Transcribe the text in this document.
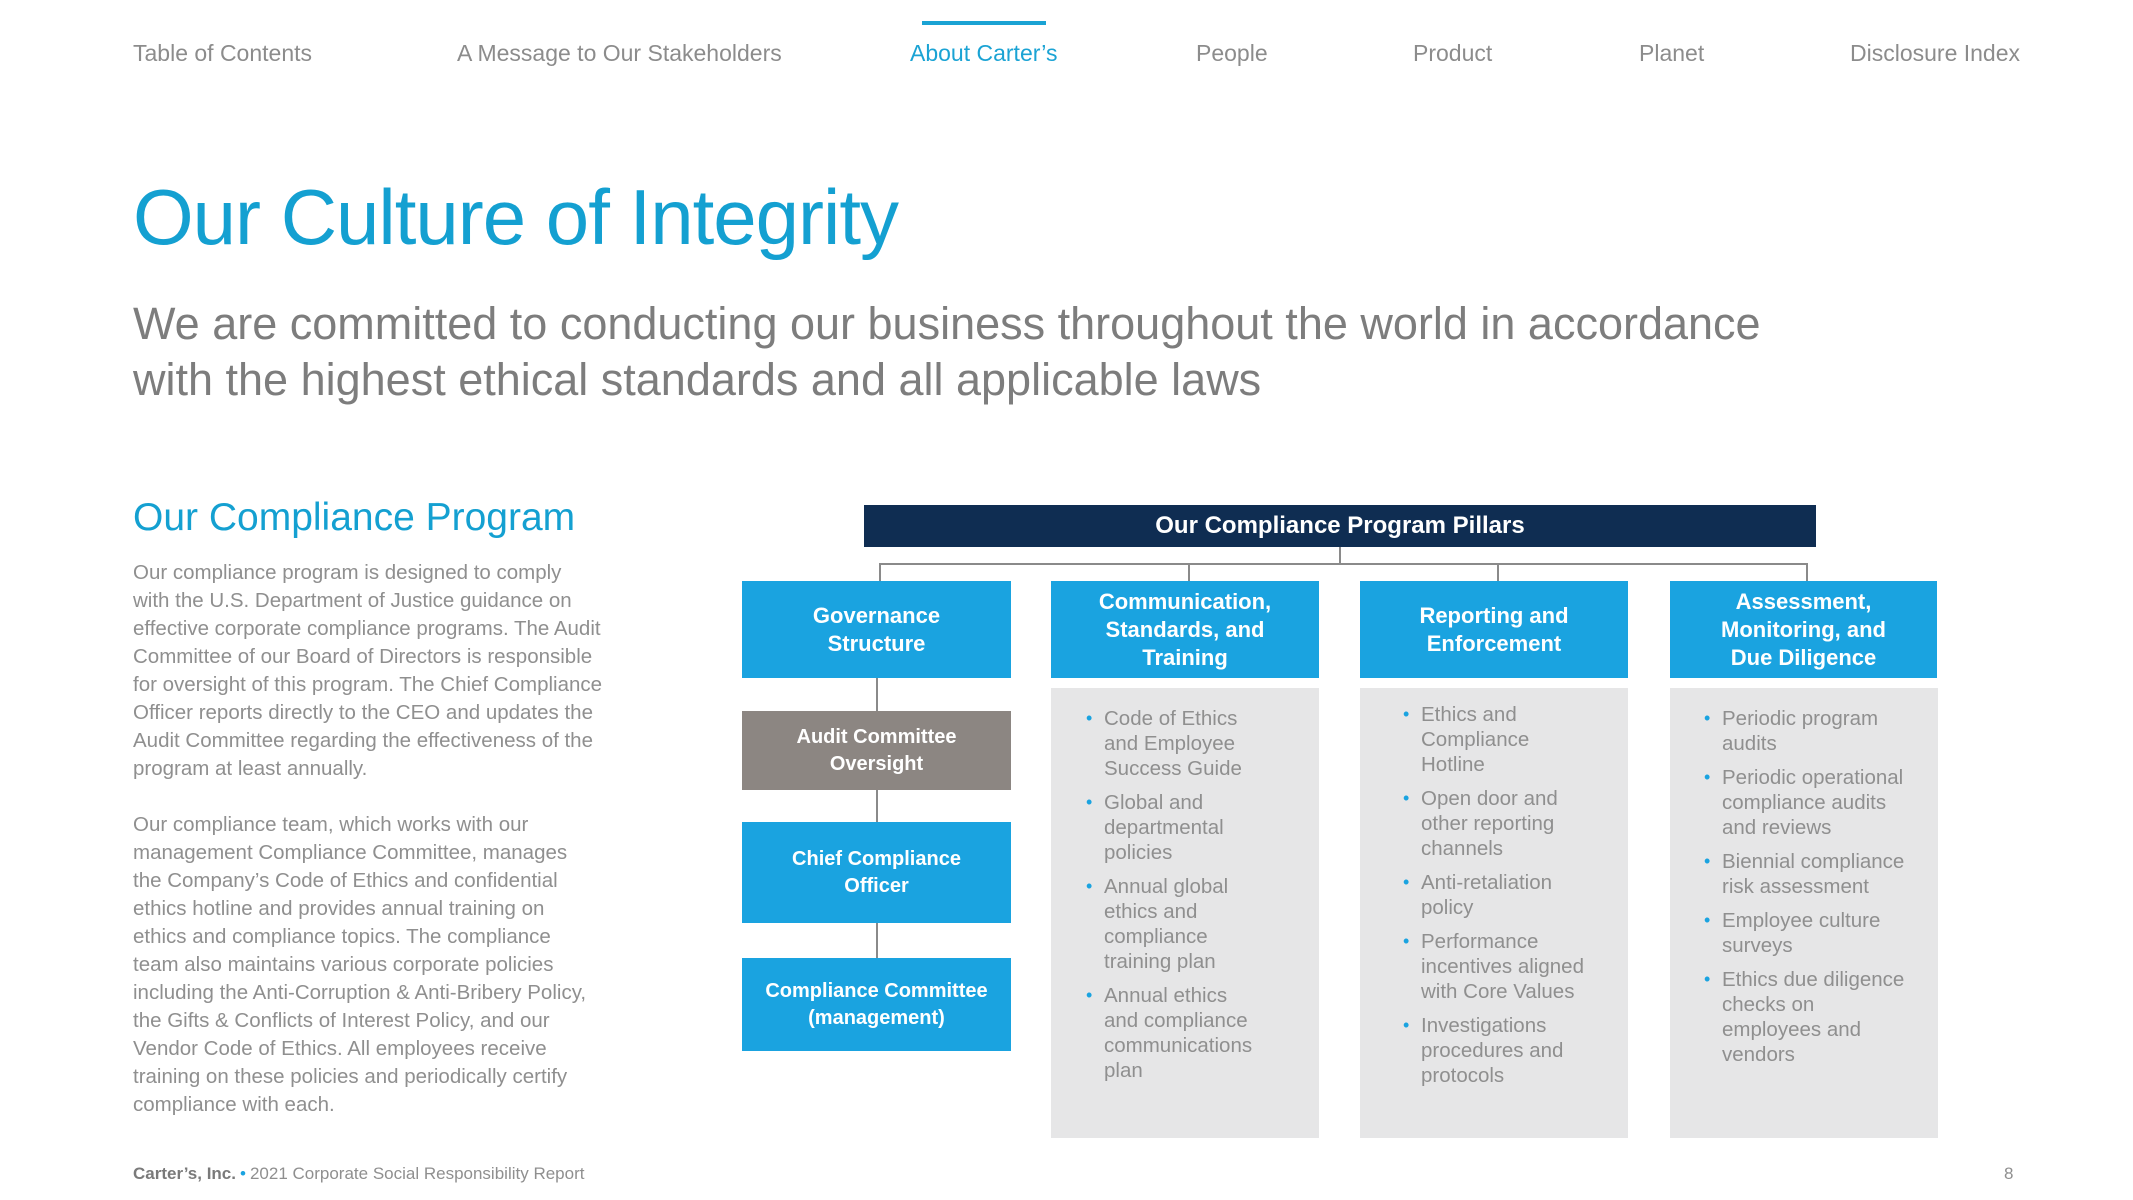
Table of Contents	A Message to Our Stakeholders	About Carter’s	People	Product	Planet	Disclosure Index
Our Culture of Integrity
We are committed to conducting our business throughout the world in accordance
with the highest ethical standards and all applicable laws
Our Compliance Program

Our compliance program is designed to comply
with the U.S. Department of Justice guidance on
effective corporate compliance programs. The Audit
Committee of our Board of Directors is responsible
for oversight of this program. The Chief Compliance
Officer reports directly to the CEO and updates the
Audit Committee regarding the effectiveness of the
program at least annually.

Our compliance team, which works with our
management Compliance Committee, manages
the Company’s Code of Ethics and confidential
ethics hotline and provides annual training on
ethics and compliance topics. The compliance
team also maintains various corporate policies
including the Anti-Corruption & Anti-Bribery Policy,
the Gifts & Conflicts of Interest Policy, and our
Vendor Code of Ethics. All employees receive
training on these policies and periodically certify
compliance with each.

Our Compliance Program Pillars
Governance
Structure
Communication,
Standards, and
Training
Reporting and
Enforcement
Assessment,
Monitoring, and
Due Diligence
Audit Committee
Oversight
Chief Compliance
Officer
Compliance Committee
(management)
• Code of Ethics
and Employee
Success Guide
• Global and
departmental
policies
• Annual global
ethics and
compliance
training plan
• Annual ethics
and compliance
communications
plan
• Ethics and
Compliance
Hotline
• Open door and
other reporting
channels
• Anti-retaliation
policy
• Performance
incentives aligned
with Core Values
• Investigations
procedures and
protocols
• Periodic program
audits
• Periodic operational
compliance audits
and reviews
• Biennial compliance
risk assessment
• Employee culture
surveys
• Ethics due diligence
checks on
employees and
vendors
Carter’s, Inc. • 2021 Corporate Social Responsibility Report	8
